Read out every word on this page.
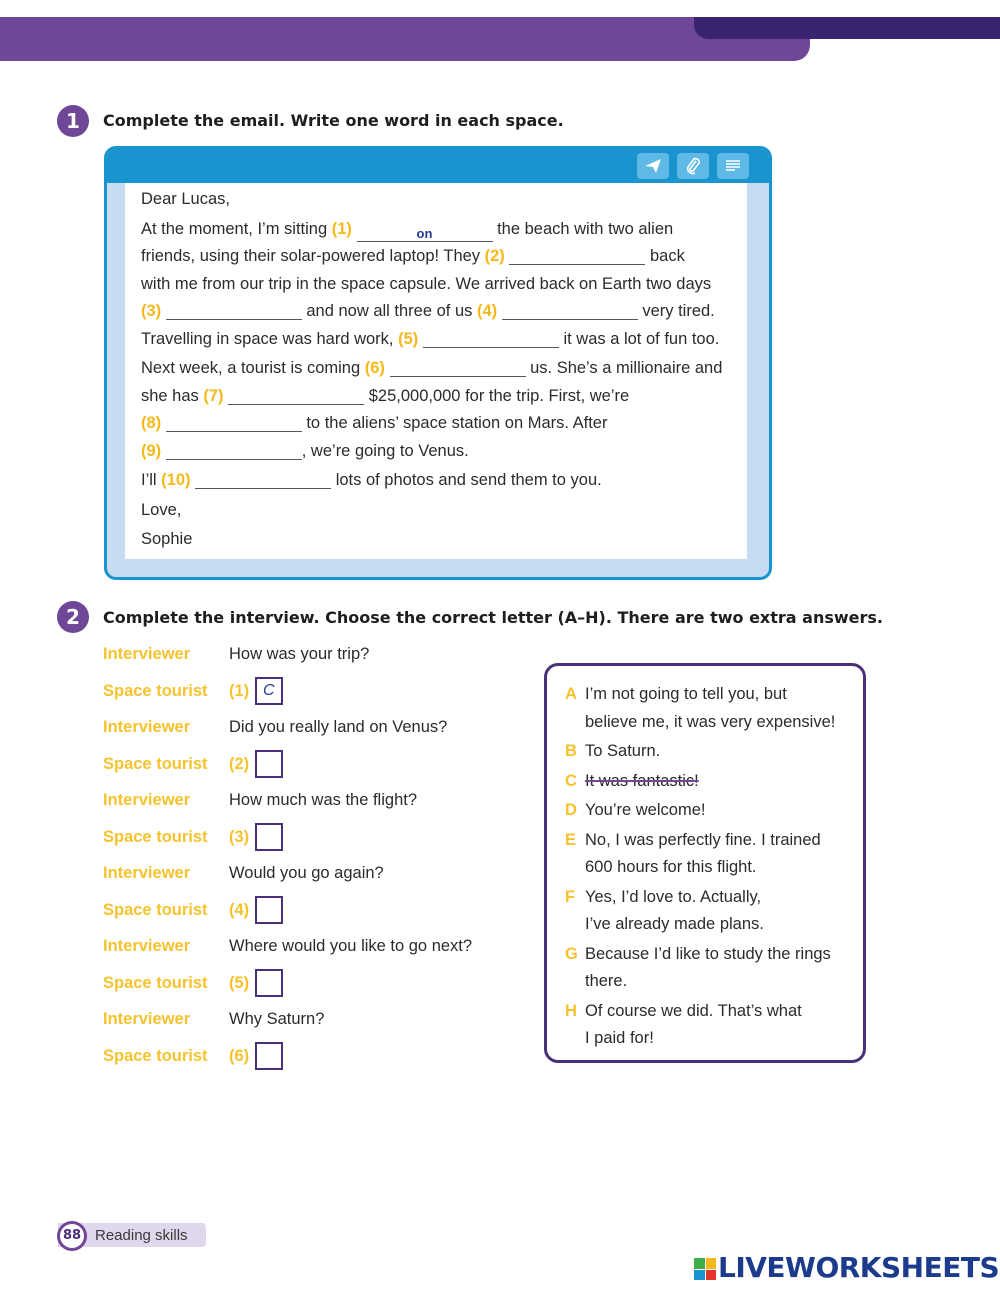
1	Complete the email. Write one word in each space.
Dear Lucas,
At the moment, I’m sitting (1)	on	the beach with two alien
friends, using their solar-powered laptop! They (2)	back
with me from our trip in the space capsule. We arrived back on Earth two days
(3)	and now all three of us (4)	very tired.
Travelling in space was hard work, (5)	it was a lot of fun too.
Next week, a tourist is coming (6)	us. She’s a millionaire and
she has (7)	$25,000,000 for the trip. First, we’re
(8)	to the aliens’ space station on Mars. After
(9)	, we’re going to Venus.
I’ll (10)	lots of photos and send them to you.
Love,
Sophie
2	Complete the interview. Choose the correct letter (A–H). There are two extra answers.
Interviewer How was your trip?
Space tourist (1) C
Interviewer Did you really land on Venus?
Space tourist (2)
Interviewer How much was the flight?
Space tourist (3)
Interviewer Would you go again?
Space tourist (4)
Interviewer Where would you like to go next?
Space tourist (5)
Interviewer Why Saturn?
Space tourist (6)
A I’m not going to tell you, but
believe me, it was very expensive!
B To Saturn.
C It was fantastic!
D You’re welcome!
E No, I was perfectly fine. I trained
600 hours for this flight.
F Yes, I’d love to. Actually,
I’ve already made plans.
G Because I’d like to study the rings
there.
H Of course we did. That’s what
I paid for!
88 Reading skills
LIVEWORKSHEETS
